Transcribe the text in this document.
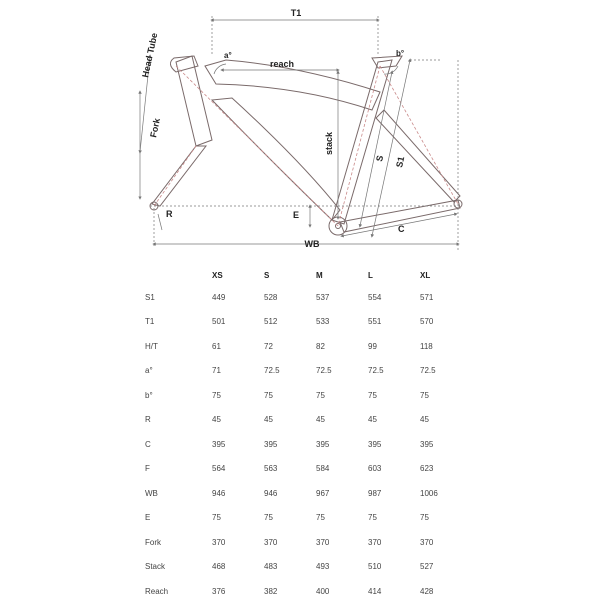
T1
reach
Head Tube	a°	b°
Fork
stack
S S1
R	E
WB
C
	XS	S	M	L	XL
S1	449	528	537	554	571
T1	501	512	533	551	570
H/T	61	72	82	99	118
a°	71	72.5	72.5	72.5	72.5
b°	75	75	75	75	75
R	45	45	45	45	45
C	395	395	395	395	395
F	564	563	584	603	623
WB	946	946	967	987	1006
E	75	75	75	75	75
Fork	370	370	370	370	370
Stack	468	483	493	510	527
Reach	376	382	400	414	428
